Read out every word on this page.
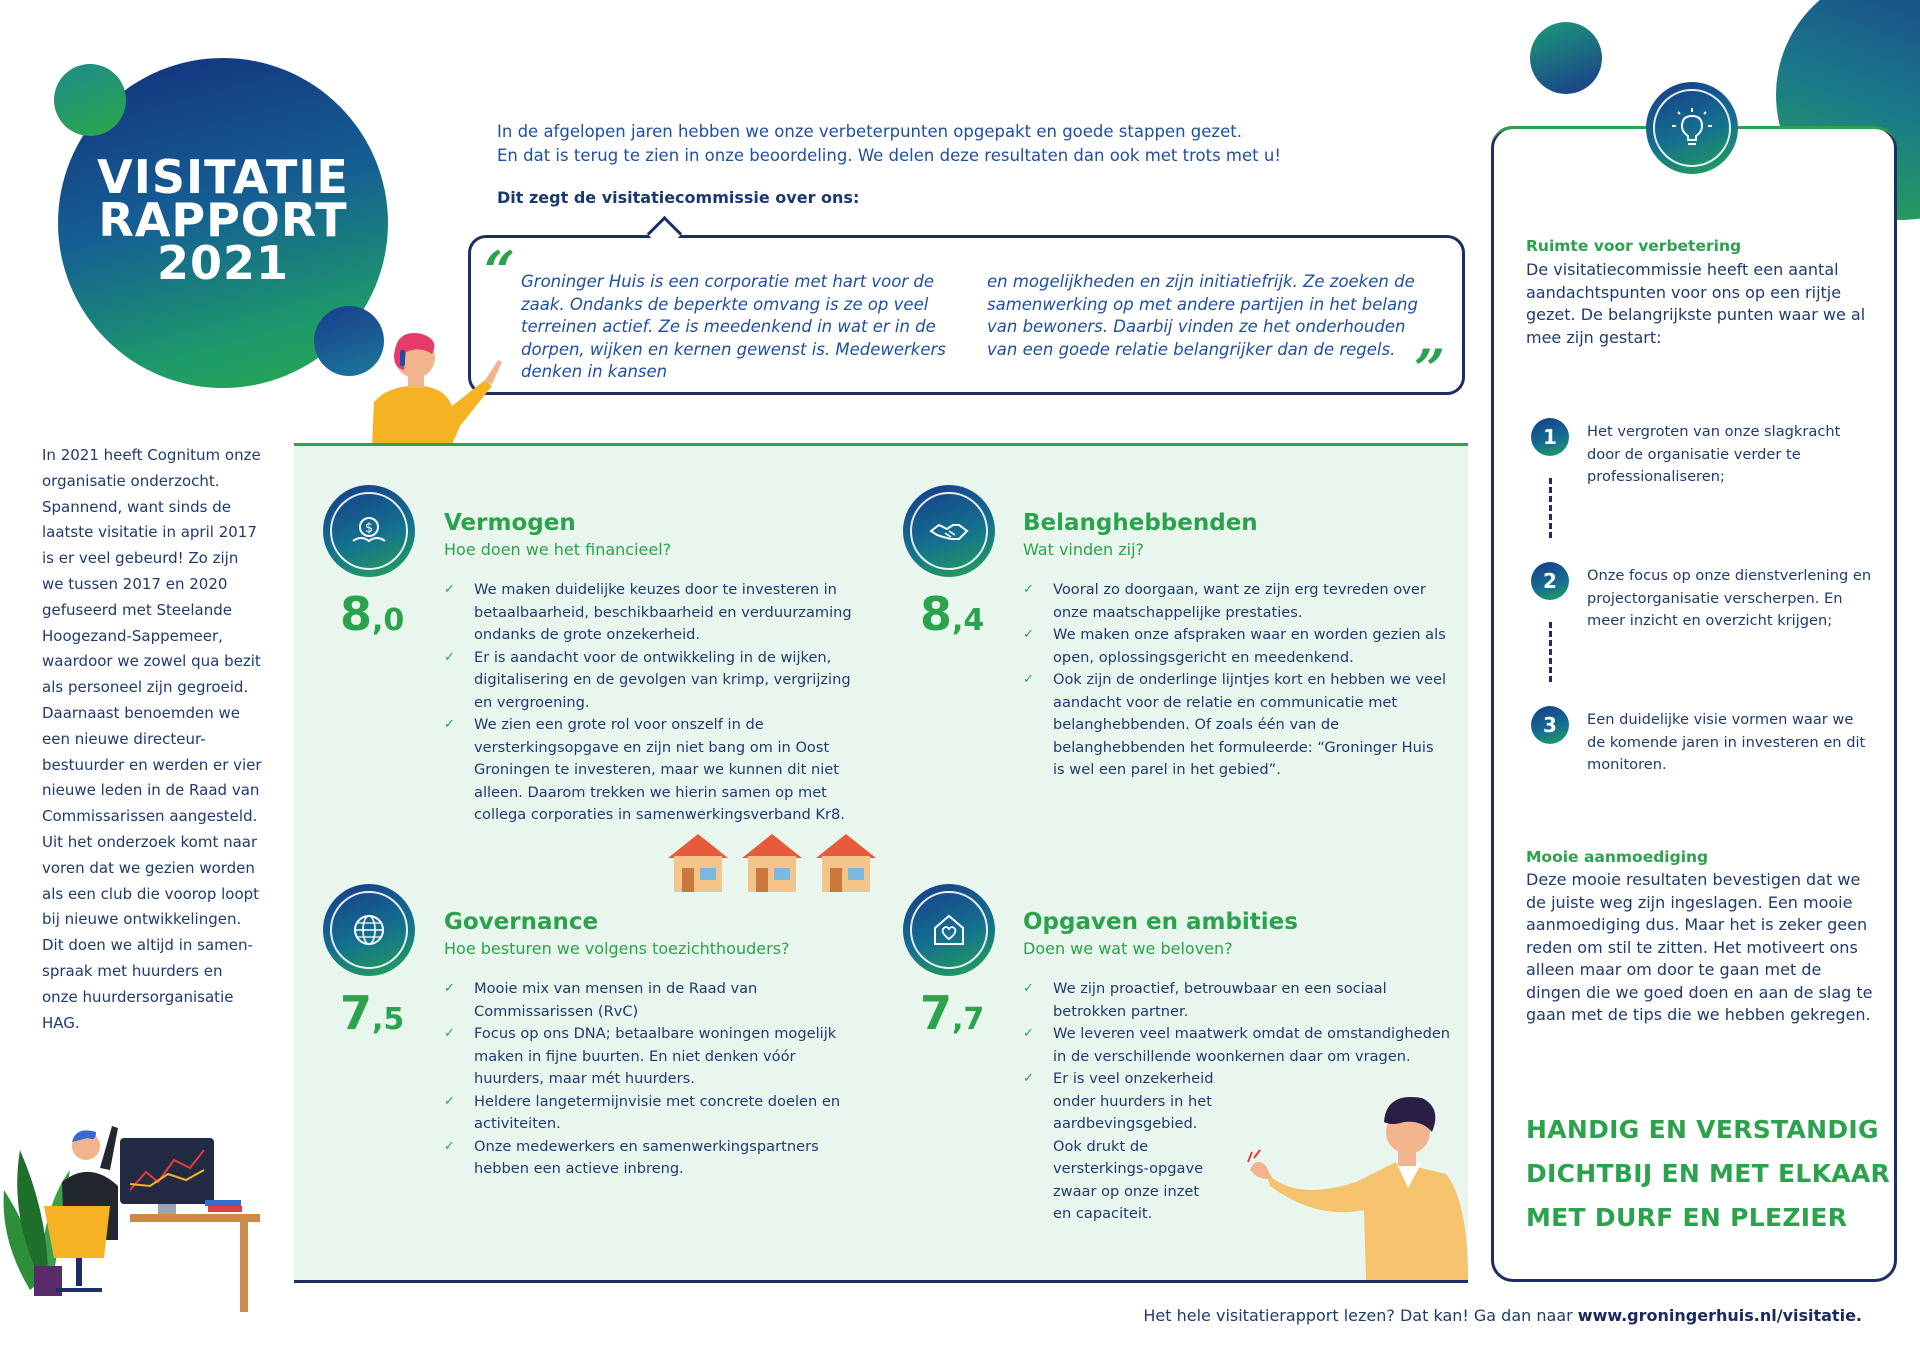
VISITATIE
RAPPORT
2021
In de afgelopen jaren hebben we onze verbeterpunten opgepakt en goede stappen gezet.
En dat is terug te zien in onze beoordeling. We delen deze resultaten dan ook met trots met u!
Dit zegt de visitatiecommissie over ons:
“ Groninger Huis is een corporatie met hart voor de zaak. Ondanks de beperkte omvang is ze op veel terreinen actief. Ze is meedenkend in wat er in de dorpen, wijken en kernen gewenst is. Medewerkers denken in kansen
en mogelijkheden en zijn initiatiefrijk. Ze zoeken de samenwerking op met andere partijen in het belang van bewoners. Daarbij vinden ze het onderhouden van een goede relatie belangrijker dan de regels. ”
In 2021 heeft Cognitum onze organisatie onderzocht. Spannend, want sinds de laatste visitatie in april 2017 is er veel gebeurd! Zo zijn we tussen 2017 en 2020 gefuseerd met Steelande Hoogezand-Sappemeer, waardoor we zowel qua bezit als personeel zijn gegroeid. Daarnaast benoemden we een nieuwe directeur-bestuurder en werden er vier nieuwe leden in de Raad van Commissarissen aangesteld. Uit het onderzoek komt naar voren dat we gezien worden als een club die voorop loopt bij nieuwe ontwikkelingen. Dit doen we altijd in samen-spraak met huurders en onze huurdersorganisatie HAG.
$	Vermogen
Hoe doen we het financieel?
8,0
✓ We maken duidelijke keuzes door te investeren in betaalbaarheid, beschikbaarheid en verduurzaming ondanks de grote onzekerheid.
✓ Er is aandacht voor de ontwikkeling in de wijken, digitalisering en de gevolgen van krimp, vergrijzing en vergroening.
✓ We zien een grote rol voor onszelf in de versterkingsopgave en zijn niet bang om in Oost Groningen te investeren, maar we kunnen dit niet alleen. Daarom trekken we hierin samen op met collega corporaties in samenwerkingsverband Kr8.
Belanghebbenden
Wat vinden zij?
8,4
✓ Vooral zo doorgaan, want ze zijn erg tevreden over onze maatschappelijke prestaties.
✓ We maken onze afspraken waar en worden gezien als open, oplossingsgericht en meedenkend.
✓ Ook zijn de onderlinge lijntjes kort en hebben we veel aandacht voor de relatie en communicatie met belanghebbenden. Of zoals één van de belanghebbenden het formuleerde: “Groninger Huis is wel een parel in het gebied”.
Governance
Hoe besturen we volgens toezichthouders?
7,5
✓ Mooie mix van mensen in de Raad van Commissarissen (RvC)
✓ Focus op ons DNA; betaalbare woningen mogelijk maken in fijne buurten. En niet denken vóór huurders, maar mét huurders.
✓ Heldere langetermijnvisie met concrete doelen en activiteiten.
✓ Onze medewerkers en samenwerkingspartners hebben een actieve inbreng.
Opgaven en ambities
Doen we wat we beloven?
7,7
✓ We zijn proactief, betrouwbaar en een sociaal betrokken partner.
✓ We leveren veel maatwerk omdat de omstandigheden in de verschillende woonkernen daar om vragen.
✓ Er is veel onzekerheid onder huurders in het aardbevingsgebied. Ook drukt de versterkings-opgave zwaar op onze inzet en capaciteit.
Ruimte voor verbetering
De visitatiecommissie heeft een aantal aandachtspunten voor ons op een rijtje gezet. De belangrijkste punten waar we al mee zijn gestart:
1	Het vergroten van onze slagkracht door de organisatie verder te professionaliseren;
2	Onze focus op onze dienstverlening en projectorganisatie verscherpen. En meer inzicht en overzicht krijgen;
3	Een duidelijke visie vormen waar we de komende jaren in investeren en dit monitoren.
Mooie aanmoediging
Deze mooie resultaten bevestigen dat we de juiste weg zijn ingeslagen. Een mooie aanmoediging dus. Maar het is zeker geen reden om stil te zitten. Het motiveert ons alleen maar om door te gaan met de dingen die we goed doen en aan de slag te gaan met de tips die we hebben gekregen.
HANDIG EN VERSTANDIG
DICHTBIJ EN MET ELKAAR
MET DURF EN PLEZIER
Het hele visitatierapport lezen? Dat kan! Ga dan naar www.groningerhuis.nl/visitatie.
